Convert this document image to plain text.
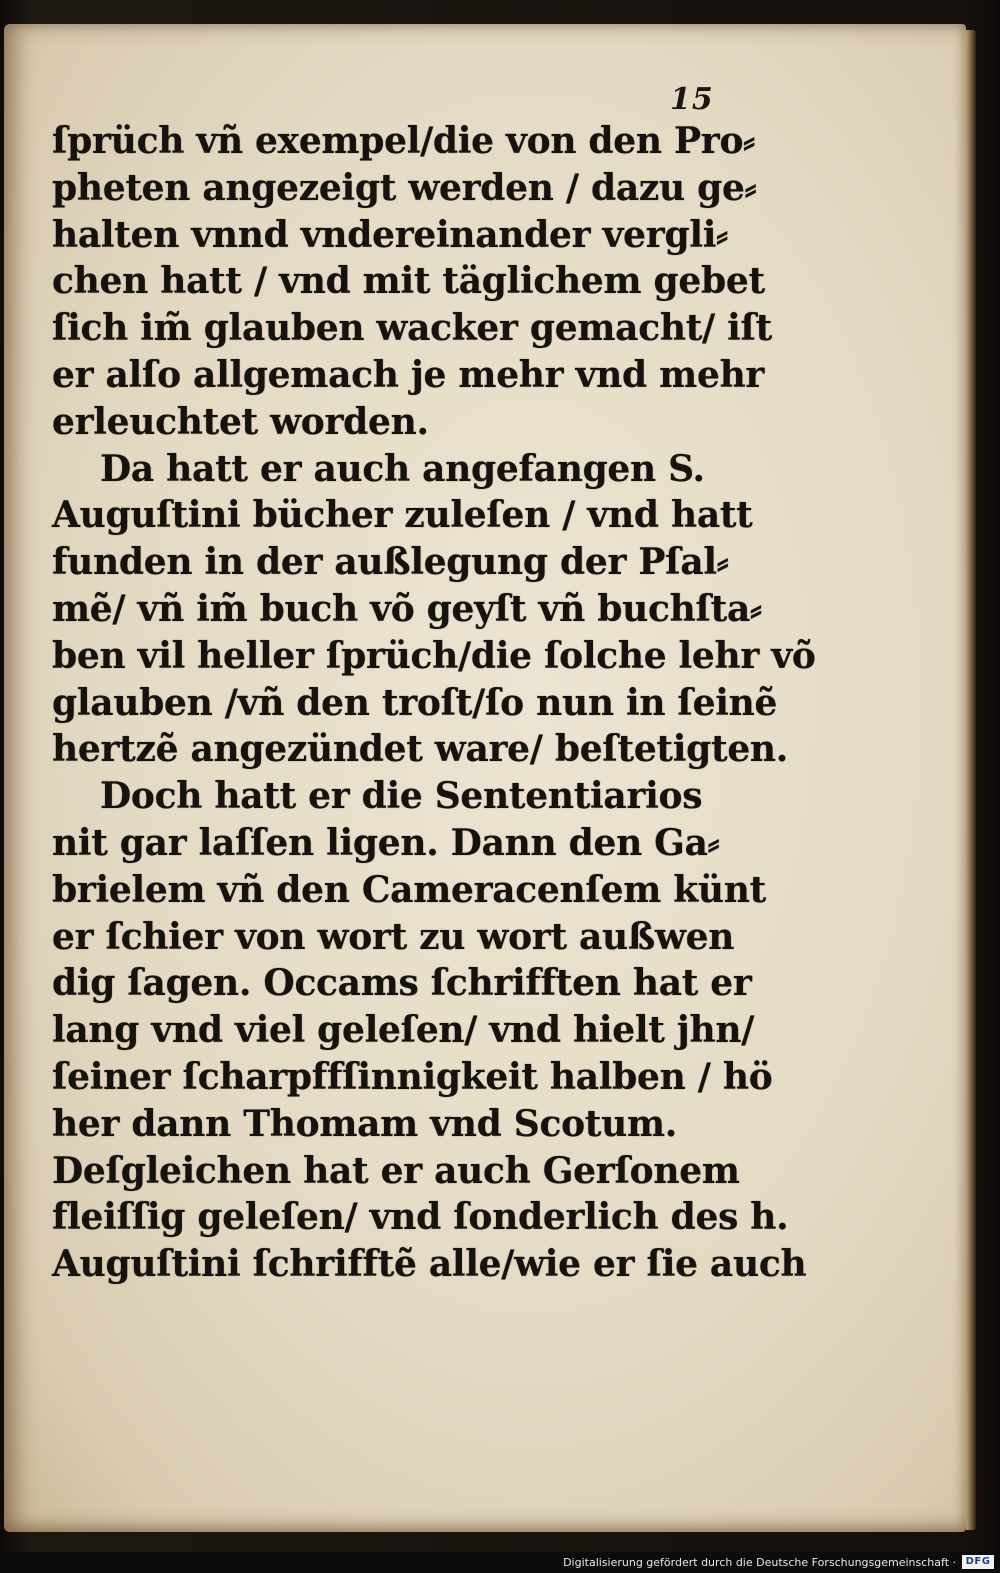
15
ſprüch vñ exempel/die von den Pro⸗
pheten angezeigt werden / dazu ge⸗
halten vnnd vndereinander vergli⸗
chen hatt / vnd mit täglichem gebet
ſich im̃ glauben wacker gemacht/ iſt
er alſo allgemach je mehr vnd mehr
erleuchtet worden.
Da hatt er auch angefangen S.
Auguſtini bücher zuleſen / vnd hatt
funden in der außlegung der Pſal⸗
mẽ/ vñ im̃ buch võ geyſt vñ buchſta⸗
ben vil heller ſprüch/die ſolche lehr võ
glauben /vñ den troſt/ſo nun in ſeinẽ
hertzẽ angezündet ware/ beſtetigten.
Doch hatt er die Sententiarios
nit gar laſſen ligen. Dann den Ga⸗
brielem vñ den Cameracenſem künt
er ſchier von wort zu wort außwen
dig ſagen. Occams ſchrifften hat er
lang vnd viel geleſen/ vnd hielt jhn/
ſeiner ſcharpffſinnigkeit halben / hö
her dann Thomam vnd Scotum.
Deſgleichen hat er auch Gerſonem
fleiſſig geleſen/ vnd ſonderlich des h.
Auguſtini ſchrifftẽ alle/wie er ſie auch
Digitalisierung gefördert durch die Deutsche Forschungsgemeinschaft · DFG
